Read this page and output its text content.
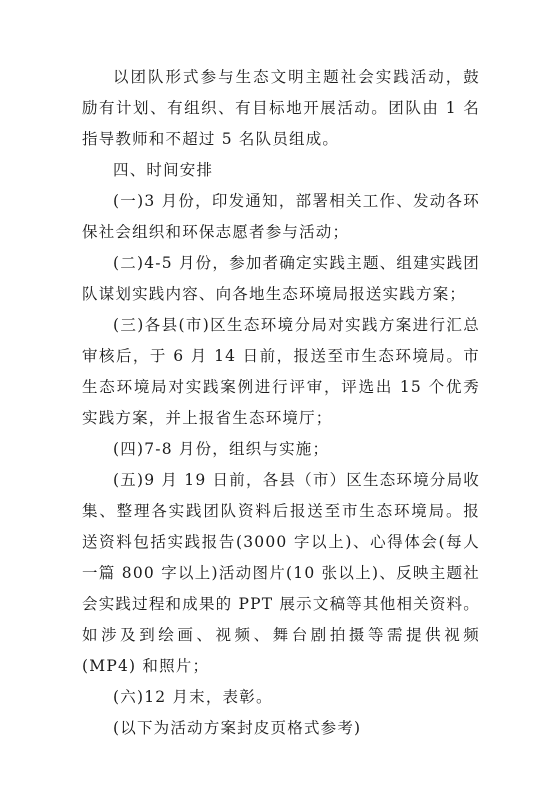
以团队形式参与生态文明主题社会实践活动，鼓励有计划、有组织、有目标地开展活动。团队由 1 名指导教师和不超过 5 名队员组成。

四、时间安排

(一)3 月份，印发通知，部署相关工作、发动各环保社会组织和环保志愿者参与活动；

(二)4-5 月份，参加者确定实践主题、组建实践团队谋划实践内容、向各地生态环境局报送实践方案；

(三)各县(市)区生态环境分局对实践方案进行汇总审核后，于 6 月 14 日前，报送至市生态环境局。市生态环境局对实践案例进行评审，评选出 15 个优秀实践方案，并上报省生态环境厅；

(四)7-8 月份，组织与实施；

(五)9 月 19 日前，各县（市）区生态环境分局收集、整理各实践团队资料后报送至市生态环境局。报送资料包括实践报告(3000 字以上)、心得体会(每人一篇 800 字以上)活动图片(10 张以上)、反映主题社会实践过程和成果的 PPT 展示文稿等其他相关资料。如涉及到绘画、视频、舞台剧拍摄等需提供视频(MP4) 和照片；

(六)12 月末，表彰。

(以下为活动方案封皮页格式参考)
